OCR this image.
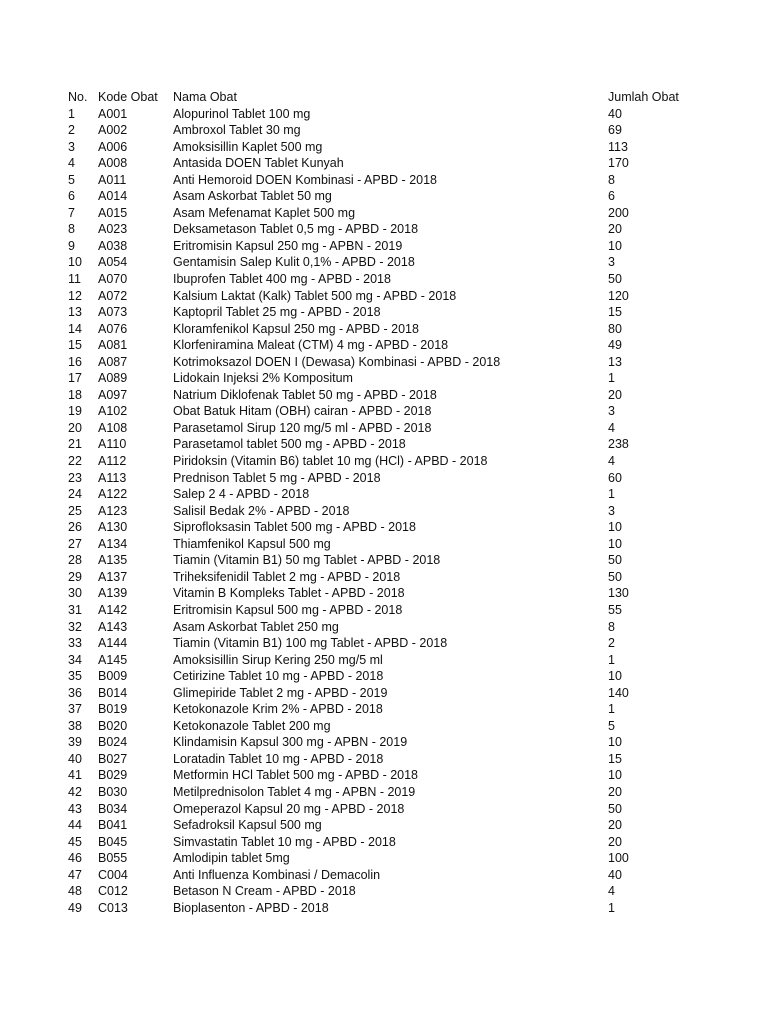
No.	Kode Obat	Nama Obat	Jumlah Obat
1	A001	Alopurinol Tablet 100 mg	40
2	A002	Ambroxol Tablet 30 mg	69
3	A006	Amoksisillin Kaplet 500 mg	113
4	A008	Antasida DOEN Tablet Kunyah	170
5	A011	Anti Hemoroid DOEN Kombinasi - APBD - 2018	8
6	A014	Asam Askorbat Tablet 50 mg	6
7	A015	Asam Mefenamat Kaplet 500 mg	200
8	A023	Deksametason Tablet 0,5 mg - APBD - 2018	20
9	A038	Eritromisin Kapsul 250 mg - APBN - 2019	10
10	A054	Gentamisin Salep Kulit 0,1% - APBD - 2018	3
11	A070	Ibuprofen Tablet 400 mg - APBD - 2018	50
12	A072	Kalsium Laktat (Kalk) Tablet 500 mg - APBD - 2018	120
13	A073	Kaptopril Tablet 25 mg - APBD - 2018	15
14	A076	Kloramfenikol Kapsul 250 mg - APBD - 2018	80
15	A081	Klorfeniramina Maleat (CTM) 4 mg - APBD - 2018	49
16	A087	Kotrimoksazol DOEN I (Dewasa) Kombinasi - APBD - 2018	13
17	A089	Lidokain Injeksi 2% Kompositum	1
18	A097	Natrium Diklofenak Tablet 50 mg - APBD - 2018	20
19	A102	Obat Batuk Hitam (OBH) cairan - APBD - 2018	3
20	A108	Parasetamol Sirup 120 mg/5 ml - APBD - 2018	4
21	A110	Parasetamol tablet 500 mg - APBD - 2018	238
22	A112	Piridoksin (Vitamin B6) tablet 10 mg (HCl) - APBD - 2018	4
23	A113	Prednison Tablet 5 mg - APBD - 2018	60
24	A122	Salep 2 4 - APBD - 2018	1
25	A123	Salisil Bedak 2% - APBD - 2018	3
26	A130	Siprofloksasin Tablet 500 mg - APBD - 2018	10
27	A134	Thiamfenikol Kapsul 500 mg	10
28	A135	Tiamin (Vitamin B1) 50 mg Tablet - APBD - 2018	50
29	A137	Triheksifenidil Tablet 2 mg - APBD - 2018	50
30	A139	Vitamin B Kompleks Tablet - APBD - 2018	130
31	A142	Eritromisin Kapsul 500 mg - APBD - 2018	55
32	A143	Asam Askorbat Tablet 250 mg	8
33	A144	Tiamin (Vitamin B1) 100 mg Tablet - APBD - 2018	2
34	A145	Amoksisillin Sirup Kering 250 mg/5 ml	1
35	B009	Cetirizine Tablet 10 mg - APBD - 2018	10
36	B014	Glimepiride Tablet 2 mg - APBD - 2019	140
37	B019	Ketokonazole Krim 2% - APBD - 2018	1
38	B020	Ketokonazole Tablet 200 mg	5
39	B024	Klindamisin Kapsul 300 mg - APBN - 2019	10
40	B027	Loratadin Tablet 10 mg - APBD - 2018	15
41	B029	Metformin HCl Tablet 500 mg - APBD - 2018	10
42	B030	Metilprednisolon Tablet 4 mg - APBN - 2019	20
43	B034	Omeperazol Kapsul 20 mg - APBD - 2018	50
44	B041	Sefadroksil Kapsul 500 mg	20
45	B045	Simvastatin Tablet 10 mg - APBD - 2018	20
46	B055	Amlodipin tablet 5mg	100
47	C004	Anti Influenza Kombinasi / Demacolin	40
48	C012	Betason N Cream - APBD - 2018	4
49	C013	Bioplasenton - APBD - 2018	1
